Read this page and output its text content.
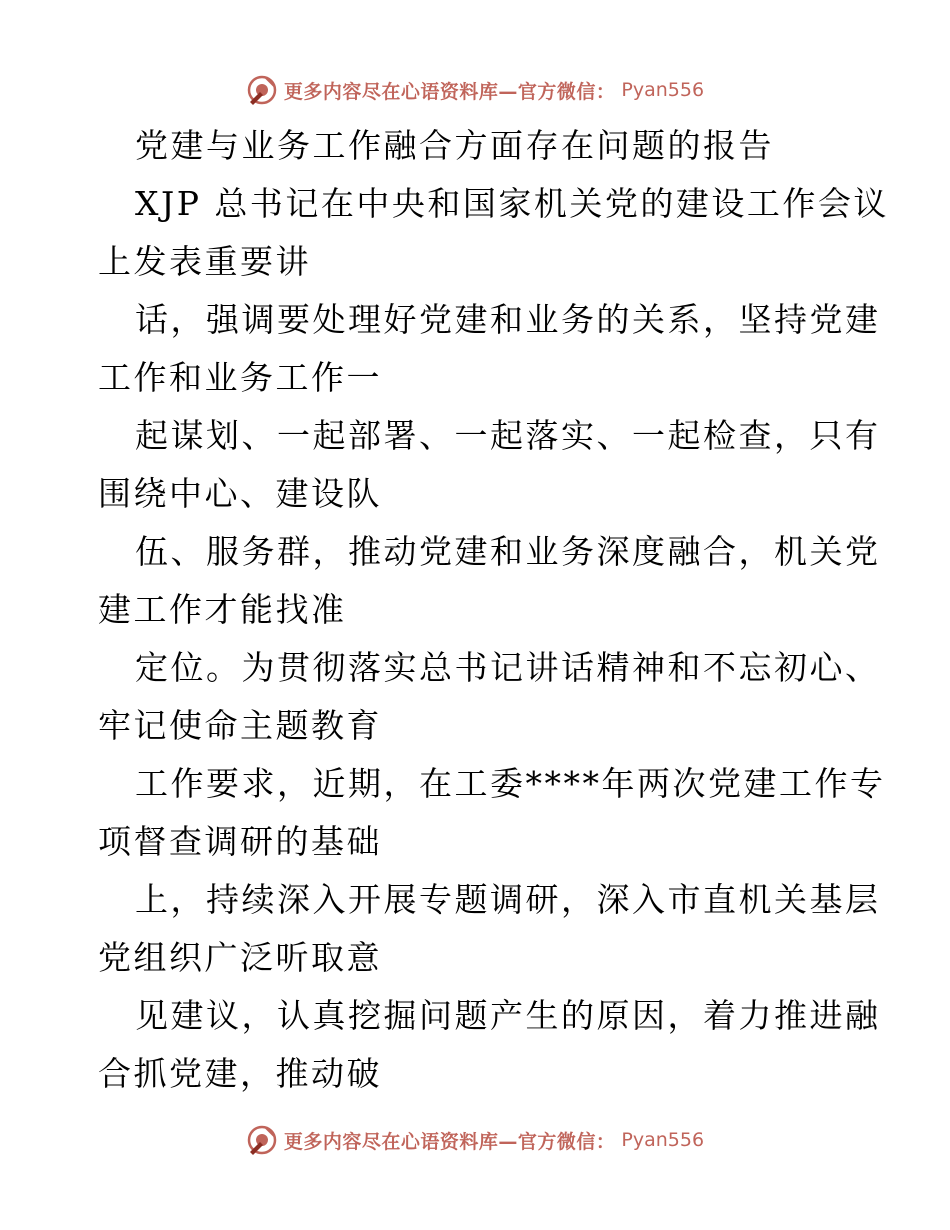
更多内容尽在心语资料库—官方微信： Pyan556
党建与业务工作融合方面存在问题的报告
XJP 总书记在中央和国家机关党的建设工作会议
上发表重要讲
话，强调要处理好党建和业务的关系，坚持党建
工作和业务工作一
起谋划、一起部署、一起落实、一起检查，只有
围绕中心、建设队
伍、服务群，推动党建和业务深度融合，机关党
建工作才能找准
定位。为贯彻落实总书记讲话精神和不忘初心、
牢记使命主题教育
工作要求，近期，在工委****年两次党建工作专
项督查调研的基础
上，持续深入开展专题调研，深入市直机关基层
党组织广泛听取意
见建议，认真挖掘问题产生的原因，着力推进融
合抓党建，推动破
更多内容尽在心语资料库—官方微信： Pyan556
